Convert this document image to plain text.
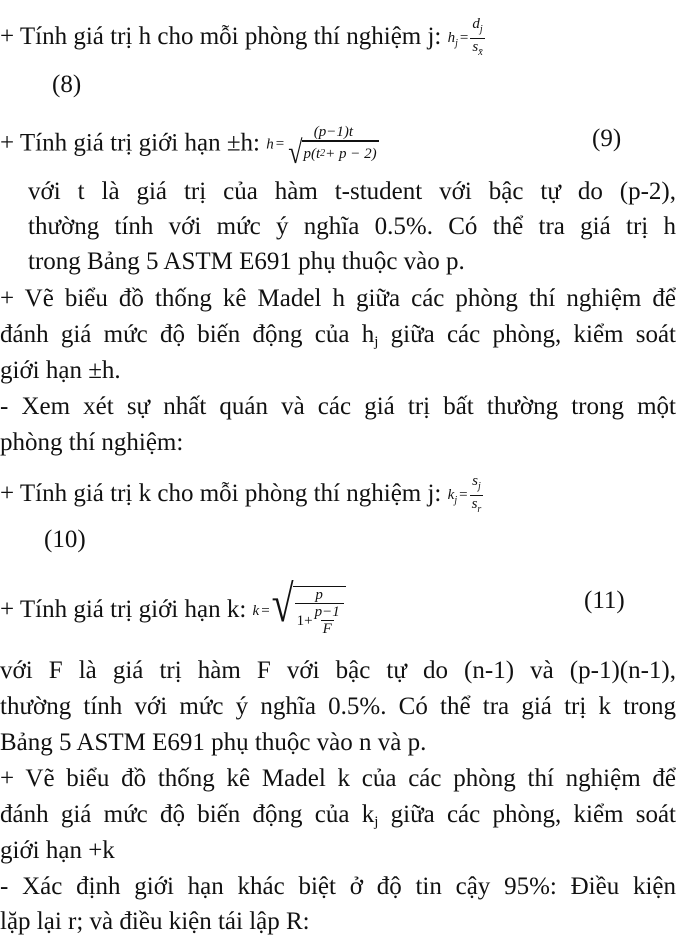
+ Tính giá trị h cho mỗi phòng thí nghiệm j: $h_j = \frac{d_j}{s_{x̄}}$
(8)
+ Tính giá trị giới hạn ±h: h =
(p−1)t
√ p(t 2 + p − 2)
(9)
với t là giá trị của hàm t-student với bậc tự do (p-2),
thường tính với mức ý nghĩa 0.5%. Có thể tra giá trị h
trong Bảng 5 ASTM E691 phụ thuộc vào p.
+ Vẽ biểu đồ thống kê Madel h giữa các phòng thí nghiệm để
đánh giá mức độ biến động của $h_j$ giữa các phòng, kiểm soát
giới hạn ±h.
- Xem xét sự nhất quán và các giá trị bất thường trong một
phòng thí nghiệm:
+ Tính giá trị k cho mỗi phòng thí nghiệm j: $k_j = \frac{s_j}{s_r}$
(10)
+ Tính giá trị giới hạn k: k = √ $\frac{p}{1+ \frac{p-1}{F}}$	(11)
với F là giá trị hàm F với bậc tự do (n-1) và (p-1)(n-1),
thường tính với mức ý nghĩa 0.5%. Có thể tra giá trị k trong
Bảng 5 ASTM E691 phụ thuộc vào n và p.
+ Vẽ biểu đồ thống kê Madel k của các phòng thí nghiệm để
đánh giá mức độ biến động của $k_j$ giữa các phòng, kiểm soát
giới hạn +k
- Xác định giới hạn khác biệt ở độ tin cậy 95%: Điều kiện
lặp lại r; và điều kiện tái lập R:
